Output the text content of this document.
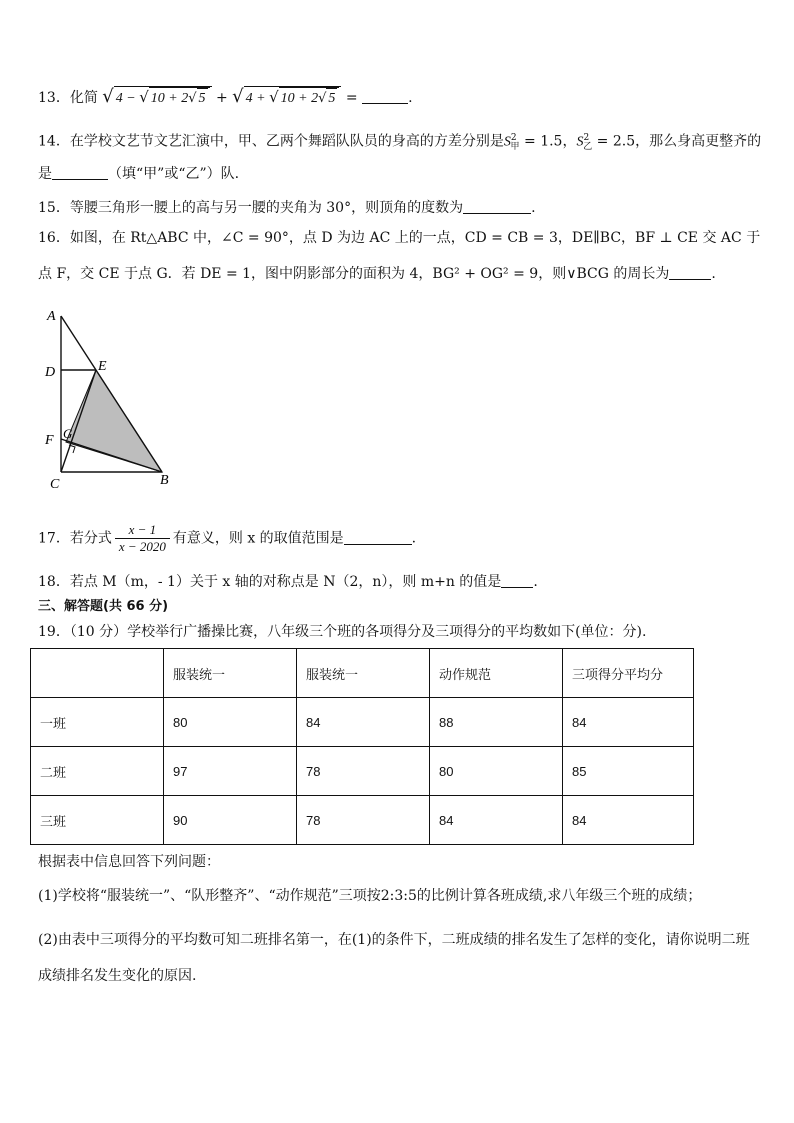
13．化简 √ 4 − √ 10 + 2√ 5 + √ 4 + √ 10 + 2√ 5 =	.
14．在学校文艺节文艺汇演中，甲、乙两个舞蹈队队员的身高的方差分别是$S^2_甲 = 1.5$，$S^2_乙 = 2.5$，那么身高更整齐的
是	（填“甲”或“乙”）队.
15．等腰三角形一腰上的高与另一腰的夹角为 30°，则顶角的度数为	.
16．如图，在 Rt△ABC 中，∠C = 90°，点 D 为边 AC 上的一点，CD = CB = 3，DE∥BC，BF ⊥ CE 交 AC 于
点 F，交 CE 于点 G．若 DE = 1，图中阴影部分的面积为 4，BG² + OG² = 9，则∨BCG 的周长为	.
A
D	E
F G
C	B
17．若分式 $\frac{x - 1}{x - 2020}$ 有意义，则 x 的取值范围是	.
18．若点 M（m，- 1）关于 x 轴的对称点是 N（2，n），则 m+n 的值是 .
三、解答题(共 66 分)
19．（10 分）学校举行广播操比赛，八年级三个班的各项得分及三项得分的平均数如下(单位：分).
	服装统一	服装统一	动作规范	三项得分平均分
一班	80	84	88	84
二班	97	78	80	85
三班	90	78	84	84
根据表中信息回答下列问题：
(1)学校将“服装统一”、“队形整齐”、“动作规范”三项按2:3:5的比例计算各班成绩,求八年级三个班的成绩；
(2)由表中三项得分的平均数可知二班排名第一，在(1)的条件下，二班成绩的排名发生了怎样的变化，请你说明二班
成绩排名发生变化的原因.
